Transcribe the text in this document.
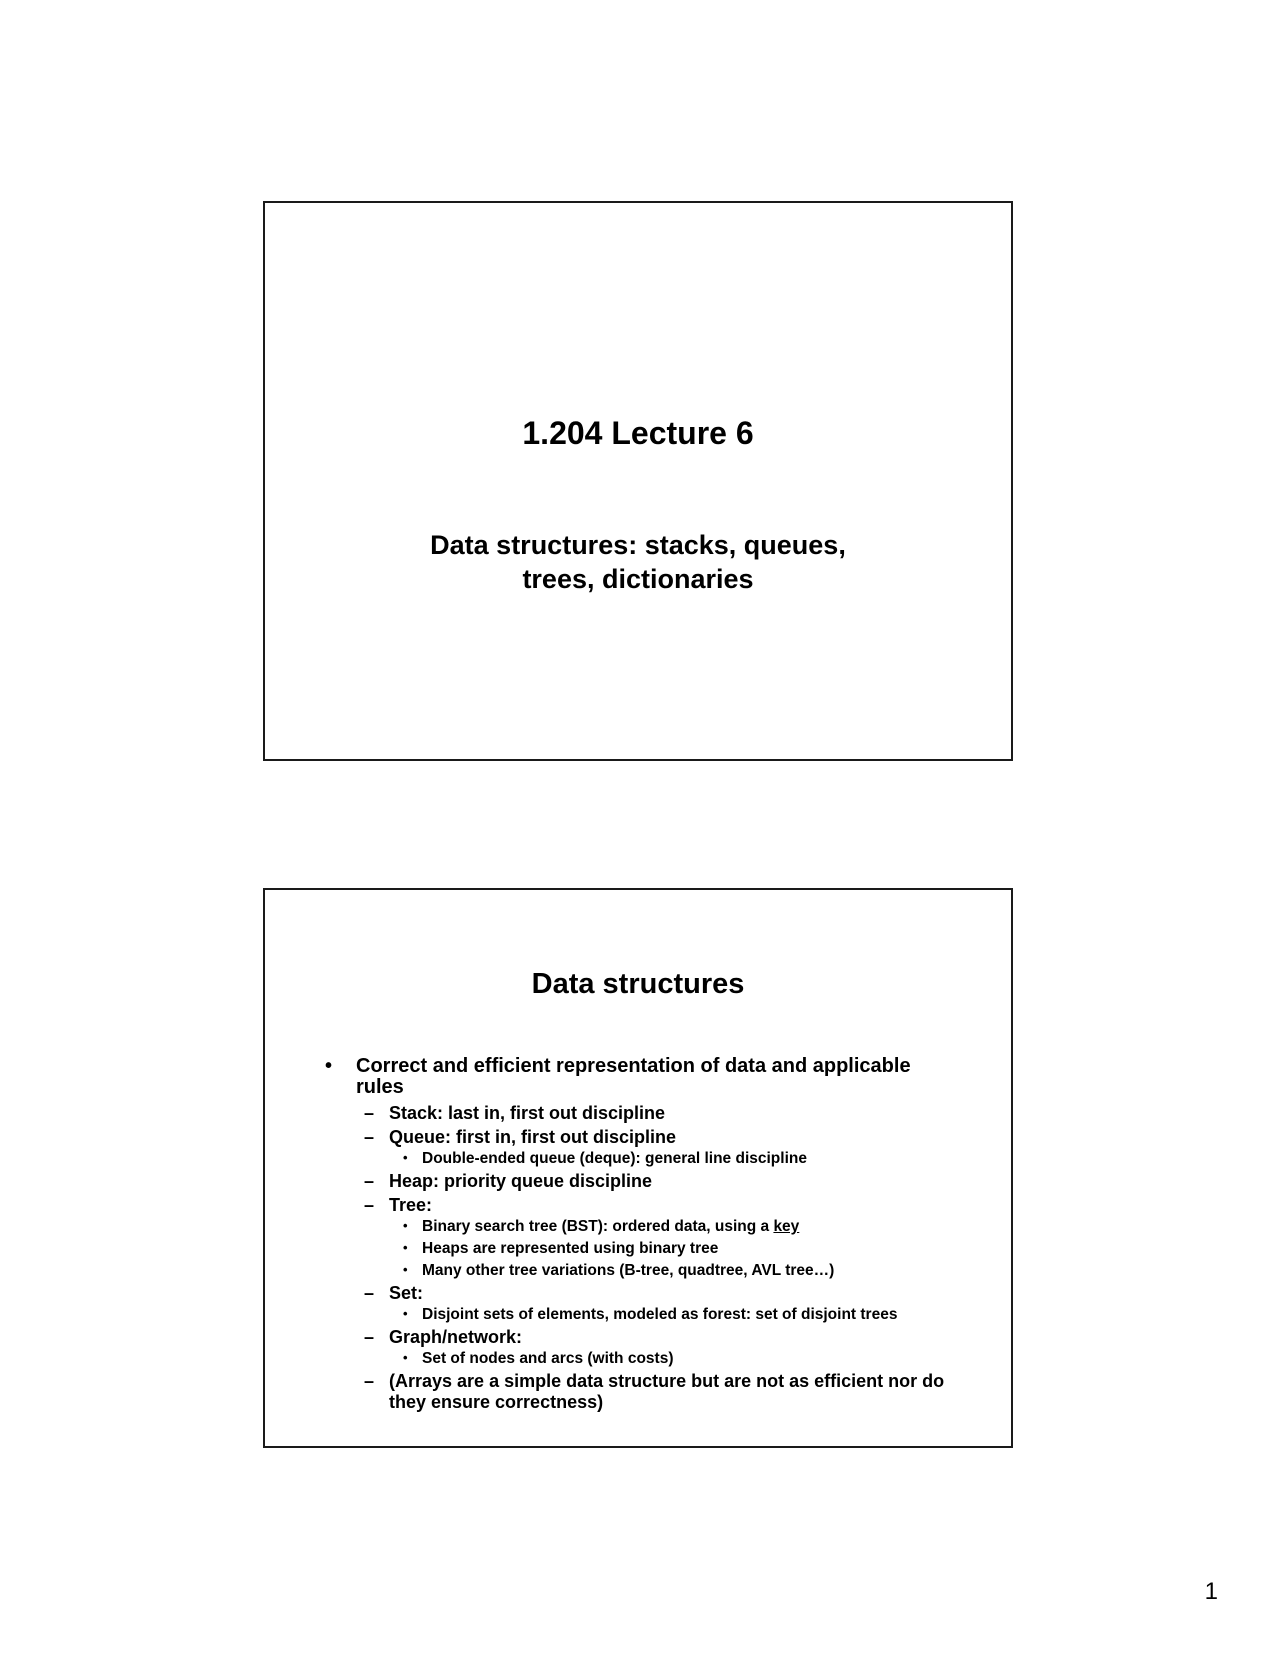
1.204 Lecture 6
Data structures: stacks, queues,
trees, dictionaries
Data structures
• Correct and efficient representation of data and applicable rules
– Stack: last in, first out discipline
– Queue: first in, first out discipline
• Double-ended queue (deque): general line discipline
– Heap: priority queue discipline
– Tree:
• Binary search tree (BST): ordered data, using a key
• Heaps are represented using binary tree
• Many other tree variations (B-tree, quadtree, AVL tree…)
– Set:
• Disjoint sets of elements, modeled as forest: set of disjoint trees
– Graph/network:
• Set of nodes and arcs (with costs)
– (Arrays are a simple data structure but are not as efficient nor do they ensure correctness)
1
